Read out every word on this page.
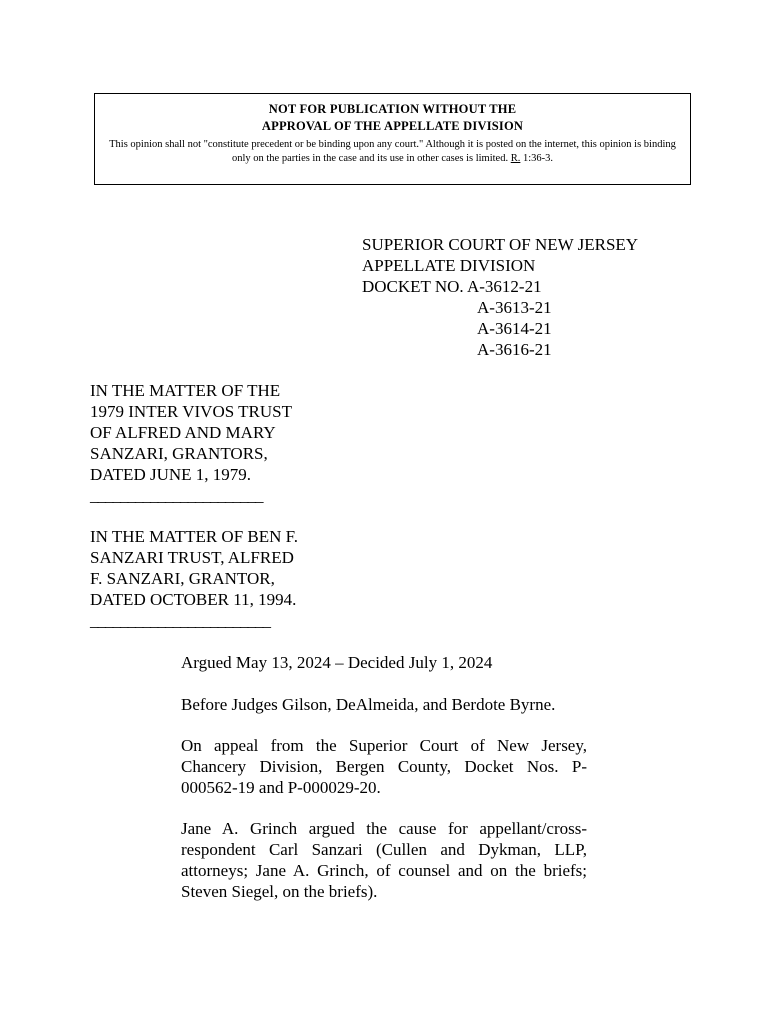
NOT FOR PUBLICATION WITHOUT THE
APPROVAL OF THE APPELLATE DIVISION
This opinion shall not "constitute precedent or be binding upon any court." Although it is posted on the internet, this opinion is binding only on the parties in the case and its use in other cases is limited. R. 1:36-3.
SUPERIOR COURT OF NEW JERSEY
APPELLATE DIVISION
DOCKET NO. A-3612-21
A-3613-21
A-3614-21
A-3616-21
IN THE MATTER OF THE
1979 INTER VIVOS TRUST
OF ALFRED AND MARY
SANZARI, GRANTORS,
DATED JUNE 1, 1979.
_______________________
IN THE MATTER OF BEN F.
SANZARI TRUST, ALFRED
F. SANZARI, GRANTOR,
DATED OCTOBER 11, 1994.
________________________
Argued May 13, 2024 – Decided July 1, 2024
Before Judges Gilson, DeAlmeida, and Berdote Byrne.
On appeal from the Superior Court of New Jersey, Chancery Division, Bergen County, Docket Nos. P-000562-19 and P-000029-20.
Jane A. Grinch argued the cause for appellant/cross-respondent Carl Sanzari (Cullen and Dykman, LLP, attorneys; Jane A. Grinch, of counsel and on the briefs; Steven Siegel, on the briefs).
